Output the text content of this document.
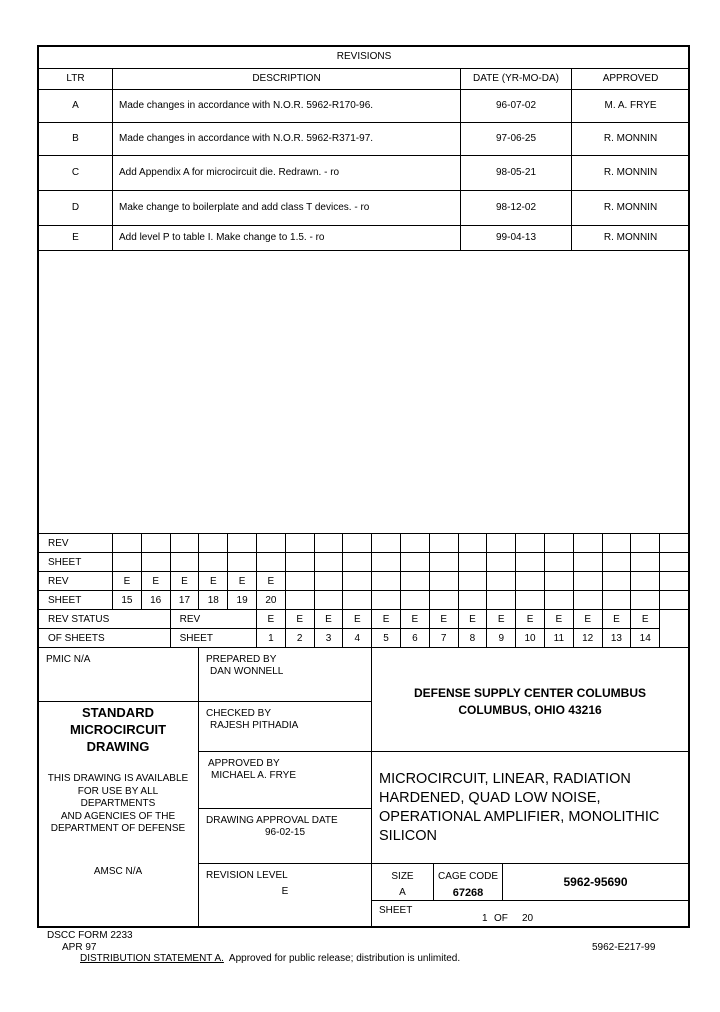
REVISIONS			
LTR	DESCRIPTION	DATE (YR-MO-DA)	APPROVED
A	Made changes in accordance with N.O.R. 5962-R170-96.	96-07-02	M. A. FRYE
B	Made changes in accordance with N.O.R. 5962-R371-97.	97-06-25	R. MONNIN
C	Add Appendix A for microcircuit die. Redrawn. - ro	98-05-21	R. MONNIN
D	Make change to boilerplate and add class T devices. - ro	98-12-02	R. MONNIN
E	Add level P to table I. Make change to 1.5. - ro	99-04-13	R. MONNIN
REV																				
SHEET																				
REV	E	E	E	E	E	E														
SHEET	15	16	17	18	19	20														
REV STATUS			REV			E	E	E	E	E	E	E	E	E	E	E	E	E	E	
OF SHEETS			SHEET			1	2	3	4	5	6	7	8	9	10	11	12	13	14	
PMIC N/A
STANDARD
MICROCIRCUIT
DRAWING
THIS DRAWING IS AVAILABLE
FOR USE BY ALL
DEPARTMENTS
AND AGENCIES OF THE
DEPARTMENT OF DEFENSE
AMSC N/A
PREPARED BY
DAN WONNELL
CHECKED BY
RAJESH PITHADIA
APPROVED BY
MICHAEL A. FRYE
DRAWING APPROVAL DATE
96-02-15
REVISION LEVEL
E
DEFENSE SUPPLY CENTER COLUMBUS
COLUMBUS, OHIO 43216
MICROCIRCUIT, LINEAR, RADIATION
HARDENED, QUAD LOW NOISE,
OPERATIONAL AMPLIFIER, MONOLITHIC
SILICON
SIZE
A
CAGE CODE
67268
5962-95690
SHEET
1 OF 20
DSCC FORM 2233
APR 97	5962-E217-99
DISTRIBUTION STATEMENT A.  Approved for public release; distribution is unlimited.
